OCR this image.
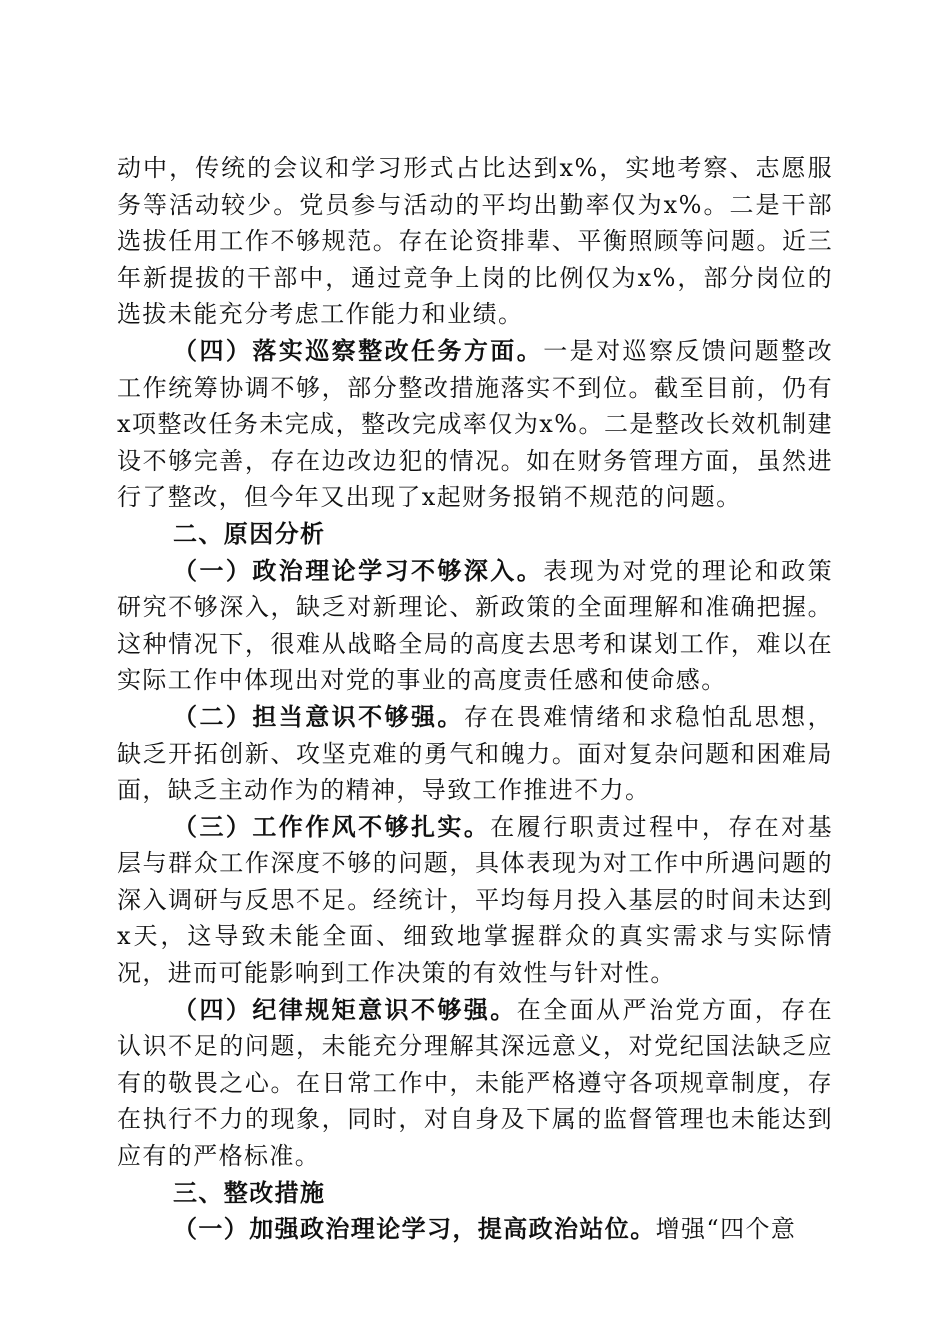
动中，传统的会议和学习形式占比达到x%，实地考察、志愿服务等活动较少。党员参与活动的平均出勤率仅为x%。二是干部选拔任用工作不够规范。存在论资排辈、平衡照顾等问题。近三年新提拔的干部中，通过竞争上岗的比例仅为x%，部分岗位的选拔未能充分考虑工作能力和业绩。

（四）落实巡察整改任务方面。一是对巡察反馈问题整改工作统筹协调不够，部分整改措施落实不到位。截至目前，仍有x项整改任务未完成，整改完成率仅为x%。二是整改长效机制建设不够完善，存在边改边犯的情况。如在财务管理方面，虽然进行了整改，但今年又出现了x起财务报销不规范的问题。

二、原因分析

（一）政治理论学习不够深入。表现为对党的理论和政策研究不够深入，缺乏对新理论、新政策的全面理解和准确把握。这种情况下，很难从战略全局的高度去思考和谋划工作，难以在实际工作中体现出对党的事业的高度责任感和使命感。

（二）担当意识不够强。存在畏难情绪和求稳怕乱思想，缺乏开拓创新、攻坚克难的勇气和魄力。面对复杂问题和困难局面，缺乏主动作为的精神，导致工作推进不力。

（三）工作作风不够扎实。在履行职责过程中，存在对基层与群众工作深度不够的问题，具体表现为对工作中所遇问题的深入调研与反思不足。经统计，平均每月投入基层的时间未达到x天，这导致未能全面、细致地掌握群众的真实需求与实际情况，进而可能影响到工作决策的有效性与针对性。

（四）纪律规矩意识不够强。在全面从严治党方面，存在认识不足的问题，未能充分理解其深远意义，对党纪国法缺乏应有的敬畏之心。在日常工作中，未能严格遵守各项规章制度，存在执行不力的现象，同时，对自身及下属的监督管理也未能达到应有的严格标准。

三、整改措施

（一）加强政治理论学习，提高政治站位。增强“四个意
